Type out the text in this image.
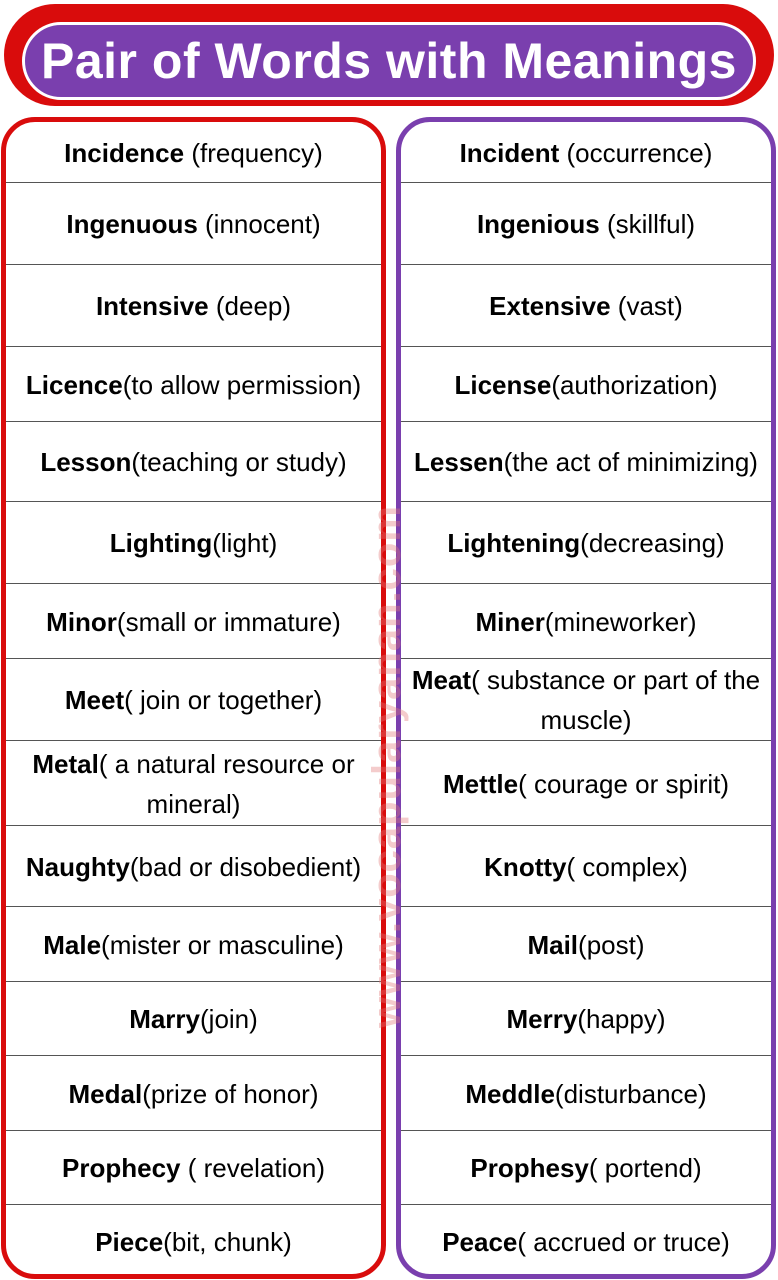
Pair of Words with Meanings
Incidence (frequency)
Ingenuous (innocent)
Intensive (deep)
Licence(to allow permission)
Lesson(teaching or study)
Lighting(light)
Minor(small or immature)
Meet( join or together)
Metal( a natural resource or mineral)
Naughty(bad or disobedient)
Male(mister or masculine)
Marry(join)
Medal(prize of honor)
Prophecy ( revelation)
Piece(bit, chunk)
Incident (occurrence)
Ingenious (skillful)
Extensive (vast)
License(authorization)
Lessen(the act of minimizing)
Lightening(decreasing)
Miner(mineworker)
Meat( substance or part of the muscle)
Mettle( courage or spirit)
Knotty( complex)
Mail(post)
Merry(happy)
Meddle(disturbance)
Prophesy( portend)
Peace( accrued or truce)
www.vocapularyanan.com
